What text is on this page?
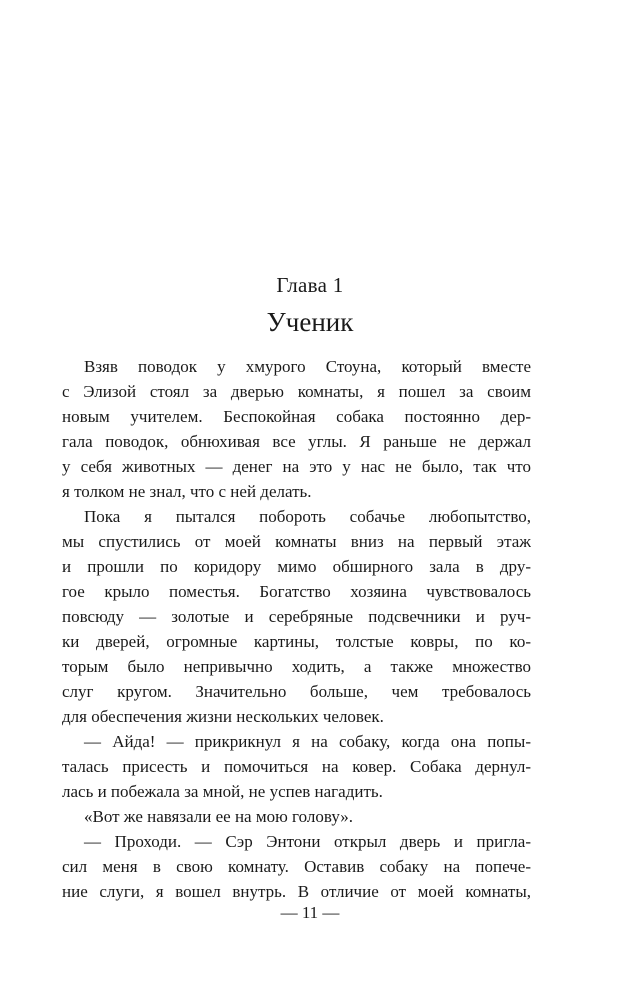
Глава 1
Ученик
Взяв поводок у хмурого Стоуна, который вместе
с Элизой стоял за дверью комнаты, я пошел за своим
новым учителем. Беспокойная собака постоянно дер-
гала поводок, обнюхивая все углы. Я раньше не держал
у себя животных — денег на это у нас не было, так что
я толком не знал, что с ней делать.
Пока я пытался побороть собачье любопытство,
мы спустились от моей комнаты вниз на первый этаж
и прошли по коридору мимо обширного зала в дру-
гое крыло поместья. Богатство хозяина чувствовалось
повсюду — золотые и серебряные подсвечники и руч-
ки дверей, огромные картины, толстые ковры, по ко-
торым было непривычно ходить, а также множество
слуг кругом. Значительно больше, чем требовалось
для обеспечения жизни нескольких человек.
— Айда! — прикрикнул я на собаку, когда она попы-
талась присесть и помочиться на ковер. Собака дернул-
лась и побежала за мной, не успев нагадить.
«Вот же навязали ее на мою голову».
— Проходи. — Сэр Энтони открыл дверь и пригла-
сил меня в свою комнату. Оставив собаку на попече-
ние слуги, я вошел внутрь. В отличие от моей комнаты,
— 11 —
